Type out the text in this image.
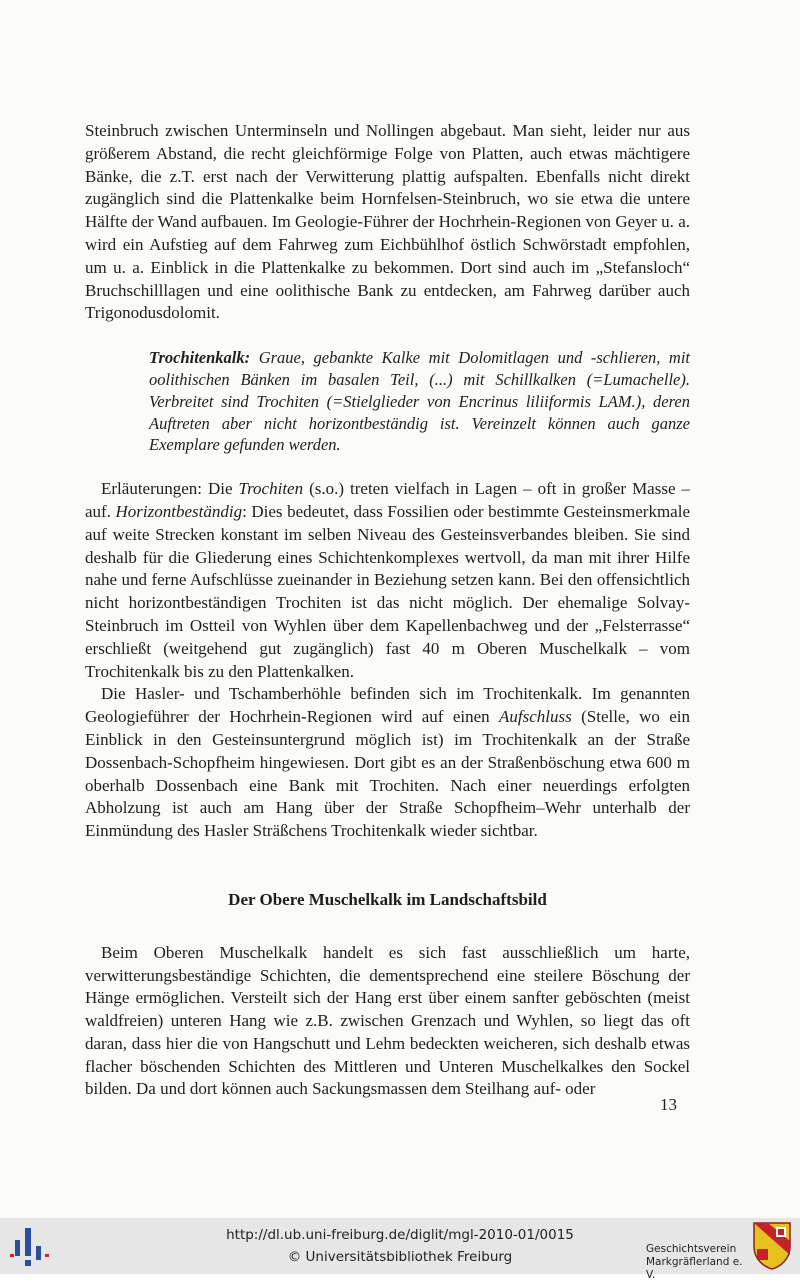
Steinbruch zwischen Unterminseln und Nollingen abgebaut. Man sieht, leider nur aus größerem Abstand, die recht gleichförmige Folge von Platten, auch etwas mächtigere Bänke, die z.T. erst nach der Verwitterung plattig aufspalten. Ebenfalls nicht direkt zugänglich sind die Plattenkalke beim Hornfelsen-Steinbruch, wo sie etwa die untere Hälfte der Wand aufbauen. Im Geologie-Führer der Hochrhein-Regionen von Geyer u. a. wird ein Aufstieg auf dem Fahrweg zum Eichbühlhof östlich Schwörstadt empfohlen, um u. a. Einblick in die Plattenkalke zu bekommen. Dort sind auch im „Stefansloch“ Bruchschilllagen und eine oolithische Bank zu entdecken, am Fahrweg darüber auch Trigonodusdolomit.

Trochitenkalk: Graue, gebankte Kalke mit Dolomitlagen und -schlieren, mit oolithischen Bänken im basalen Teil, (...) mit Schillkalken (=Lumachelle). Verbreitet sind Trochiten (=Stielglieder von Encrinus liliiformis LAM.), deren Auftreten aber nicht horizontbeständig ist. Vereinzelt können auch ganze Exemplare gefunden werden.

Erläuterungen: Die Trochiten (s.o.) treten vielfach in Lagen – oft in großer Masse – auf. Horizontbeständig: Dies bedeutet, dass Fossilien oder bestimmte Gesteinsmerkmale auf weite Strecken konstant im selben Niveau des Gesteinsverbandes bleiben. Sie sind deshalb für die Gliederung eines Schichtenkomplexes wertvoll, da man mit ihrer Hilfe nahe und ferne Aufschlüsse zueinander in Beziehung setzen kann. Bei den offensichtlich nicht horizontbeständigen Trochiten ist das nicht möglich. Der ehemalige Solvay-Steinbruch im Ostteil von Wyhlen über dem Kapellenbachweg und der „Felsterrasse“ erschließt (weitgehend gut zugänglich) fast 40 m Oberen Muschelkalk – vom Trochitenkalk bis zu den Plattenkalken.

Die Hasler- und Tschamberhöhle befinden sich im Trochitenkalk. Im genannten Geologieführer der Hochrhein-Regionen wird auf einen Aufschluss (Stelle, wo ein Einblick in den Gesteinsuntergrund möglich ist) im Trochitenkalk an der Straße Dossenbach-Schopfheim hingewiesen. Dort gibt es an der Straßenböschung etwa 600 m oberhalb Dossenbach eine Bank mit Trochiten. Nach einer neuerdings erfolgten Abholzung ist auch am Hang über der Straße Schopfheim–Wehr unterhalb der Einmündung des Hasler Sträßchens Trochitenkalk wieder sichtbar.

Der Obere Muschelkalk im Landschaftsbild

Beim Oberen Muschelkalk handelt es sich fast ausschließlich um harte, verwitterungsbeständige Schichten, die dementsprechend eine steilere Böschung der Hänge ermöglichen. Versteilt sich der Hang erst über einem sanfter geböschten (meist waldfreien) unteren Hang wie z.B. zwischen Grenzach und Wyhlen, so liegt das oft daran, dass hier die von Hangschutt und Lehm bedeckten weicheren, sich deshalb etwas flacher böschenden Schichten des Mittleren und Unteren Muschelkalkes den Sockel bilden. Da und dort können auch Sackungsmassen dem Steilhang auf- oder

13
http://dl.ub.uni-freiburg.de/diglit/mgl-2010-01/0015
© Universitätsbibliothek Freiburg	Geschichtsverein
Markgräflerland e. V.
